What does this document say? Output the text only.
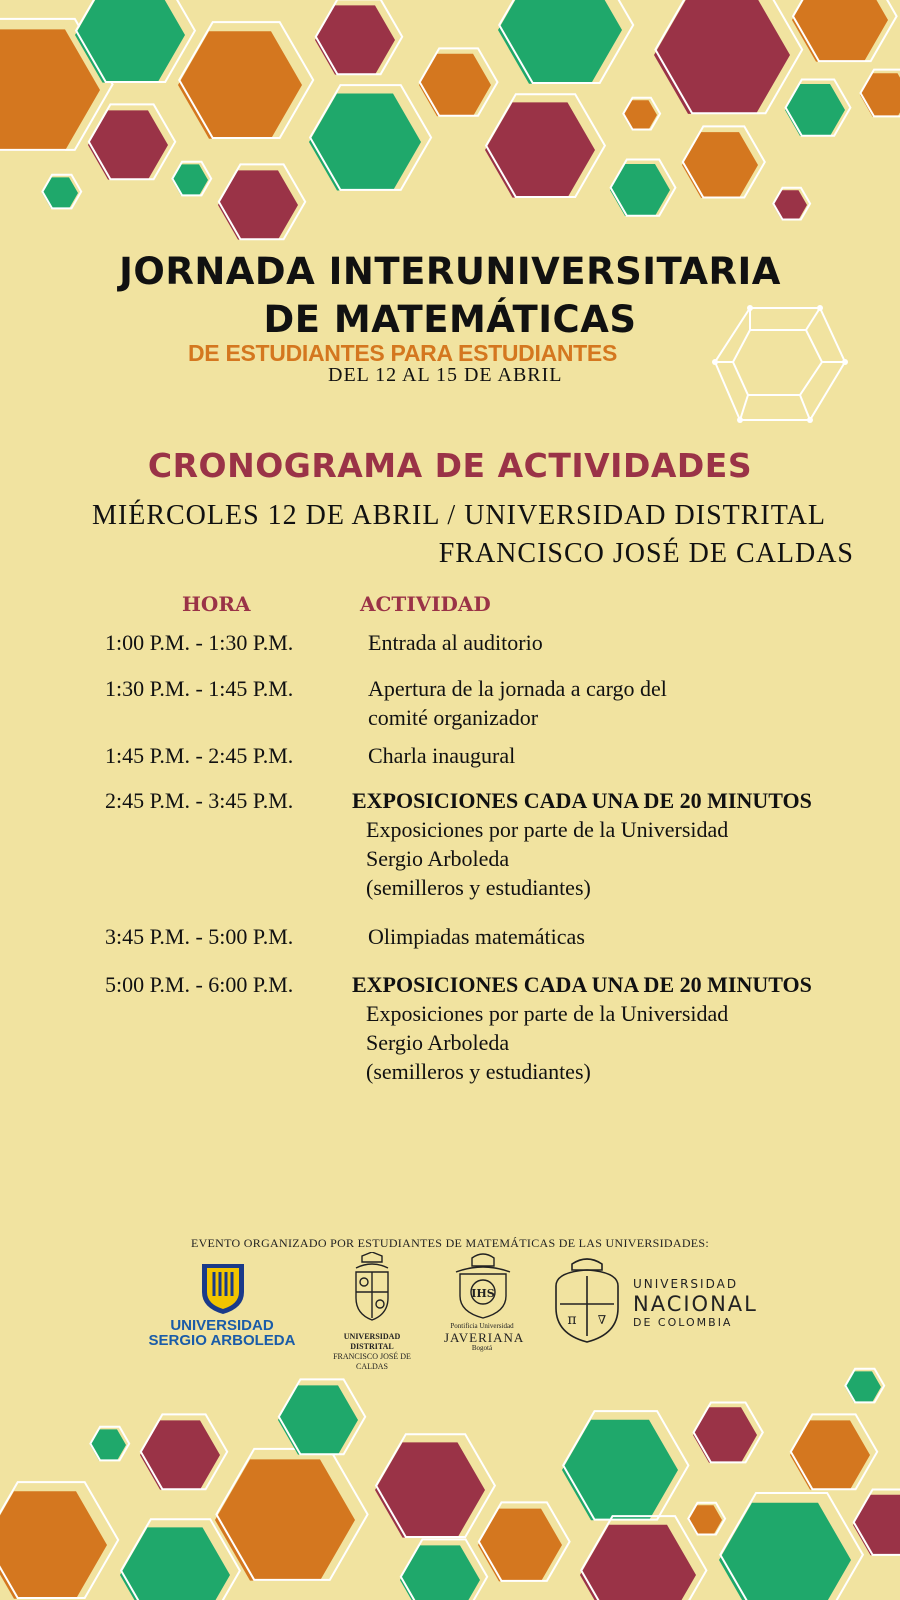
JORNADA INTERUNIVERSITARIA
DE MATEMÁTICAS
DE ESTUDIANTES PARA ESTUDIANTES
DEL 12 AL 15 DE ABRIL
CRONOGRAMA DE ACTIVIDADES
MIÉRCOLES 12 DE ABRIL / UNIVERSIDAD DISTRITAL
FRANCISCO JOSÉ DE CALDAS
HORA	ACTIVIDAD
1:00 P.M. - 1:30 P.M.	Entrada al auditorio
1:30 P.M. - 1:45 P.M.	Apertura de la jornada a cargo del
comité organizador
1:45 P.M. - 2:45 P.M.	Charla inaugural
2:45 P.M. - 3:45 P.M.	EXPOSICIONES CADA UNA DE 20 MINUTOS
Exposiciones por parte de la Universidad
Sergio Arboleda
(semilleros y estudiantes)
3:45 P.M. - 5:00 P.M.	Olimpiadas matemáticas
5:00 P.M. - 6:00 P.M.	EXPOSICIONES CADA UNA DE 20 MINUTOS
Exposiciones por parte de la Universidad
Sergio Arboleda
(semilleros y estudiantes)
EVENTO ORGANIZADO POR ESTUDIANTES DE MATEMÁTICAS DE LAS UNIVERSIDADES:
UNIVERSIDAD
SERGIO ARBOLEDA	UNIVERSIDAD DISTRITAL
FRANCISCO JOSÉ DE CALDAS
IHS
Pontificia Universidad
JAVERIANA
Bogotá
π ∇
UNIVERSIDAD
NACIONAL
DE COLOMBIA
